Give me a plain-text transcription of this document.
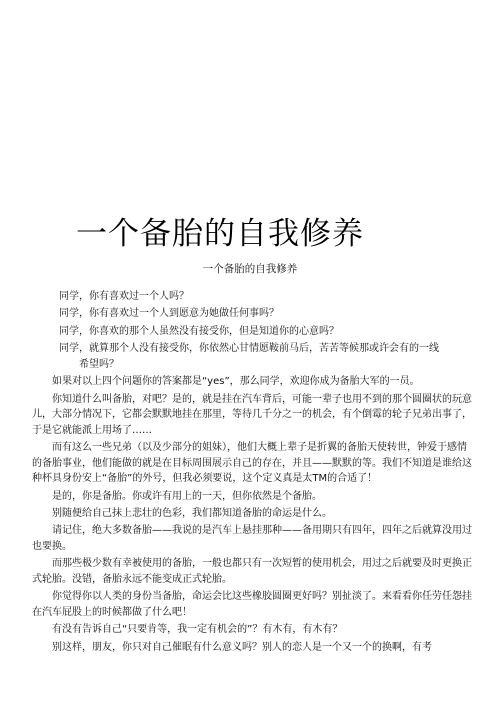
一个备胎的自我修养
一个备胎的自我修养

同学，你有喜欢过一个人吗？

同学，你有喜欢过一个人到愿意为她做任何事吗？

同学，你喜欢的那个人虽然没有接受你，但是知道你的心意吗？

同学，就算那个人没有接受你，你依然心甘情愿鞍前马后，苦苦等候那或许会有的一线
希望吗？

如果对以上四个问题你的答案都是“yes”，那么同学，欢迎你成为备胎大军的一员。

你知道什么叫备胎，对吧？是的，就是挂在汽车背后，可能一辈子也用不到的那个圆圈状的玩意儿，大部分情况下，它都会默默地挂在那里，等待几千分之一的机会，有个倒霉的轮子兄弟出事了，于是它就能派上用场了……

而有这么一些兄弟（以及少部分的姐妹），他们大概上辈子是折翼的备胎天使转世，钟爱于感情的备胎事业，他们能做的就是在目标周围展示自己的存在，并且——默默的等。我们不知道是谁给这种杯具身份安上“备胎”的外号，但我必须要说，这个定义真是太TM的合适了！

是的，你是备胎。你或许有用上的一天，但你依然是个备胎。

别随便给自己抹上悲壮的色彩，我们都知道备胎的命运是什么。

请记住，绝大多数备胎——我说的是汽车上悬挂那种——备用期只有四年，四年之后就算没用过也要换。

而那些极少数有幸被使用的备胎，一般也都只有一次短暂的使用机会，用过之后就要及时更换正式轮胎。没错，备胎永远不能变成正式轮胎。

你觉得你以人类的身份当备胎，命运会比这些橡胶圆圈更好吗？别扯淡了。来看看你任劳任怨挂在汽车屁股上的时候都做了什么吧！

有没有告诉自己“只要肯等，我一定有机会的”？有木有，有木有？

别这样，朋友，你只对自己催眠有什么意义吗？别人的恋人是一个又一个的换啊，有考
